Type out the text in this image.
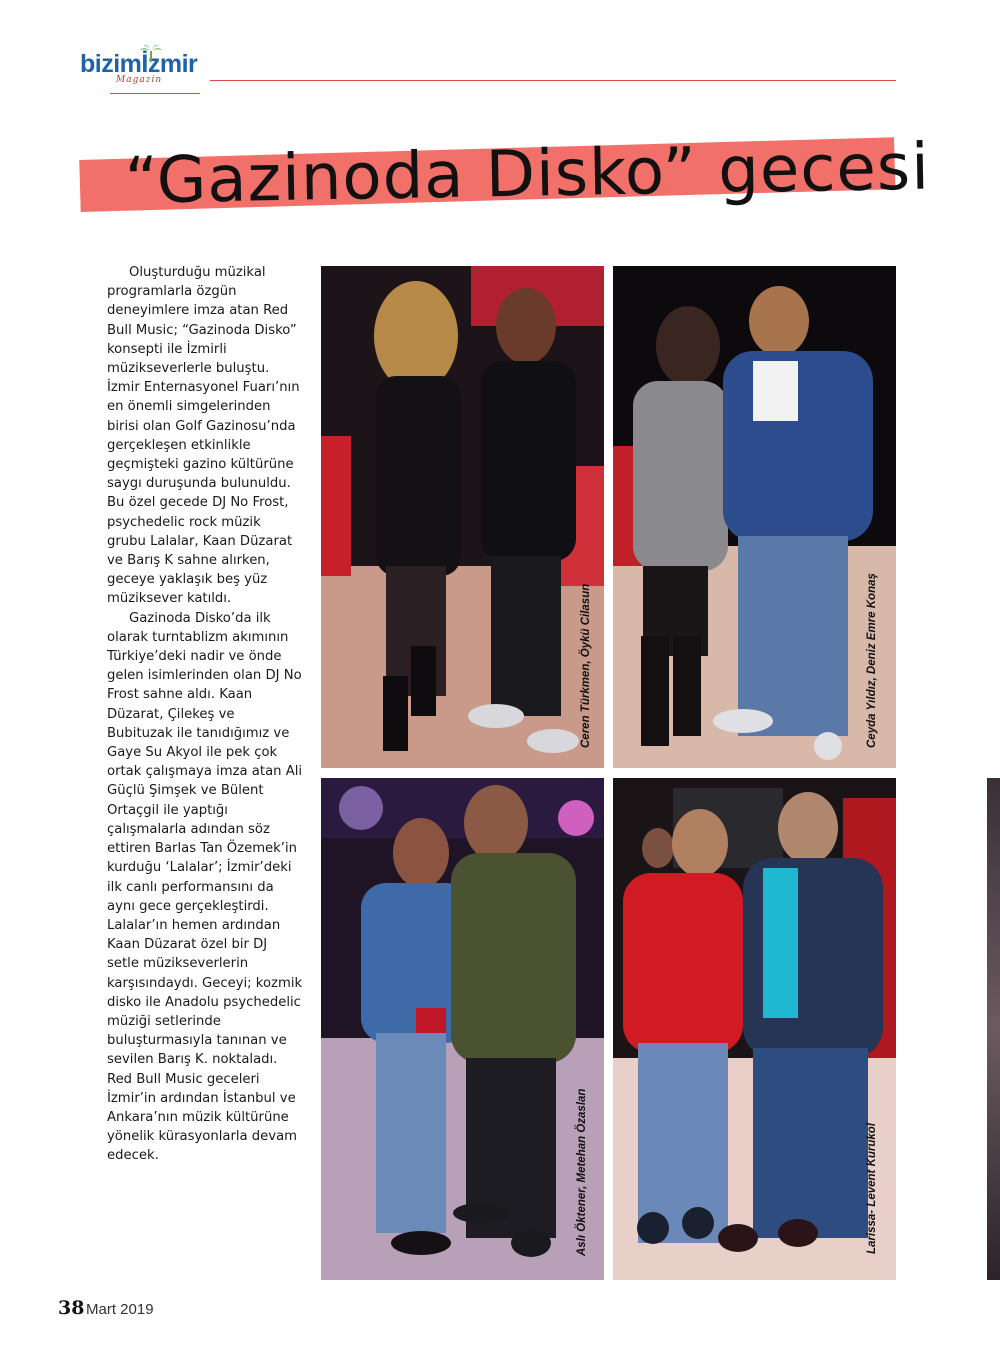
bizimİzmir
Magazin
“Gazinoda Disko” gecesi

Oluşturduğu müzikal programlarla özgün deneyimlere imza atan Red Bull Music; “Gazinoda Disko” konsepti ile İzmirli müzikseverlerle buluştu. İzmir Enternasyonel Fuarı’nın en önemli simgelerinden birisi olan Golf Gazinosu’nda gerçekleşen etkinlikle geçmişteki gazino kültürüne saygı duruşunda bulunuldu. Bu özel gecede DJ No Frost, psychedelic rock müzik grubu Lalalar, Kaan Düzarat ve Barış K sahne alırken, geceye yaklaşık beş yüz müziksever katıldı.

Gazinoda Disko’da ilk olarak turntablizm akımının Türkiye’deki nadir ve önde gelen isimlerinden olan DJ No Frost sahne aldı. Kaan Düzarat, Çilekeş ve Bubituzak ile tanıdığımız ve Gaye Su Akyol ile pek çok ortak çalışmaya imza atan Ali Güçlü Şimşek ve Bülent Ortaçgil ile yaptığı çalışmalarla adından söz ettiren Barlas Tan Özemek’in kurduğu ‘Lalalar’; İzmir’deki ilk canlı performansını da aynı gece gerçekleştirdi. Lalalar’ın hemen ardından Kaan Düzarat özel bir DJ setle müzikseverlerin karşısındaydı. Geceyi; kozmik disko ile Anadolu psychedelic müziği setlerinde buluşturmasıyla tanınan ve sevilen Barış K. noktaladı. Red Bull Music geceleri İzmir’in ardından İstanbul ve Ankara’nın müzik kültürüne yönelik kürasyonlarla devam edecek.

Ceren Türkmen, Öykü Cilasun	Ceyda Yıldız, Deniz Emre Konaş
Aslı Öktener, Metehan Özaslan	Larissa- Levent Kurukol
38 Mart 2019
